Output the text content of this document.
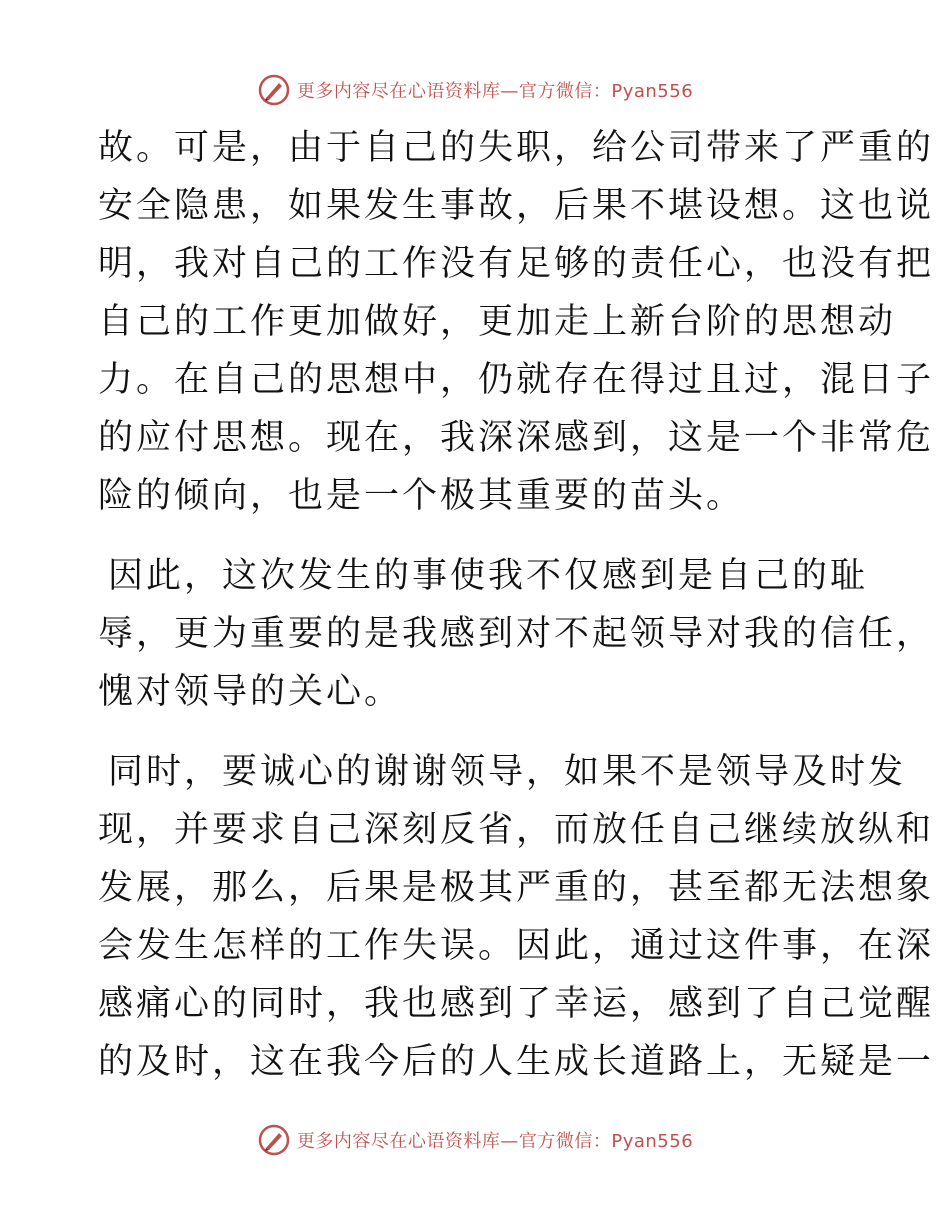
更多内容尽在心语资料库—官方微信：Pyan556
故。可是，由于自己的失职，给公司带来了严重的
安全隐患，如果发生事故，后果不堪设想。这也说
明，我对自己的工作没有足够的责任心，也没有把
自己的工作更加做好，更加走上新台阶的思想动
力。在自己的思想中，仍就存在得过且过，混日子
的应付思想。现在，我深深感到，这是一个非常危
险的倾向，也是一个极其重要的苗头。
因此，这次发生的事使我不仅感到是自己的耻
辱，更为重要的是我感到对不起领导对我的信任，
愧对领导的关心。
同时，要诚心的谢谢领导，如果不是领导及时发
现，并要求自己深刻反省，而放任自己继续放纵和
发展，那么，后果是极其严重的，甚至都无法想象
会发生怎样的工作失误。因此，通过这件事，在深
感痛心的同时，我也感到了幸运，感到了自己觉醒
的及时，这在我今后的人生成长道路上，无疑是一
更多内容尽在心语资料库—官方微信：Pyan556
